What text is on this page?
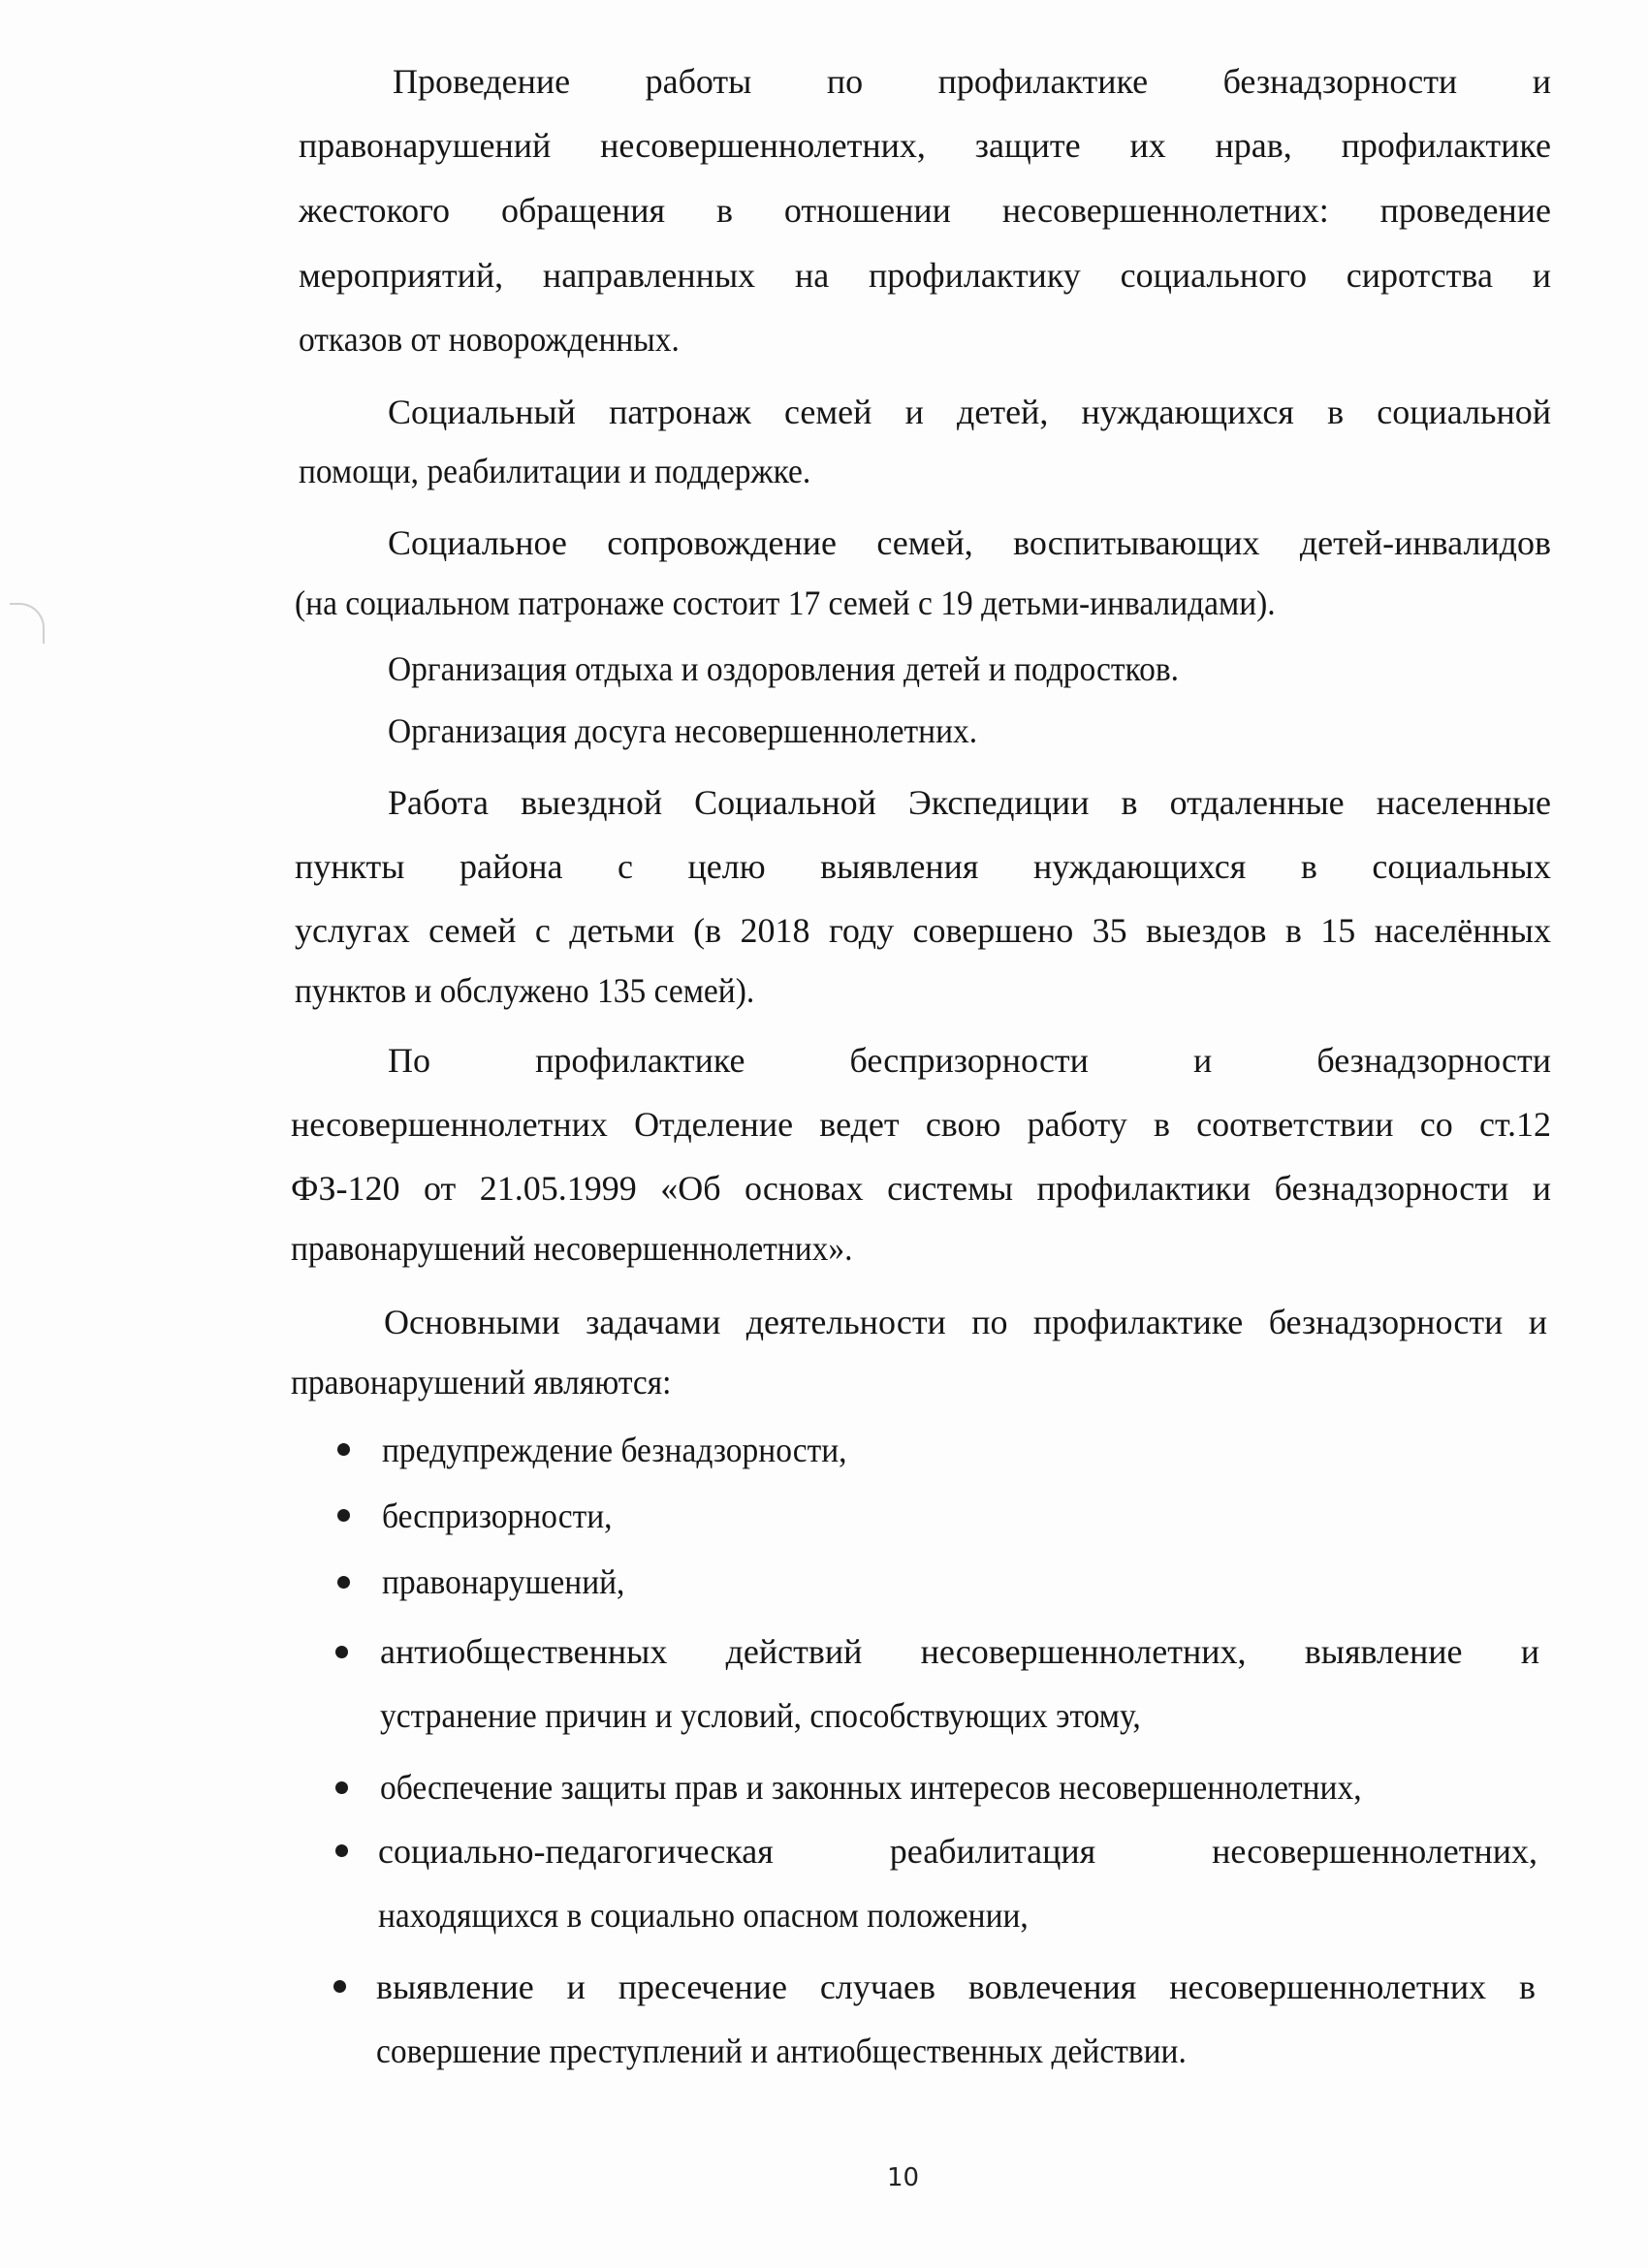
Проведение работы по профилактике безнадзорности и
правонарушений несовершеннолетних, защите их нрав, профилактике
жестокого обращения в отношении несовершеннолетних: проведение
мероприятий, направленных на профилактику социального сиротства и
отказов от новорожденных.
Социальный патронаж семей и детей, нуждающихся в социальной
помощи, реабилитации и поддержке.
Социальное сопровождение семей, воспитывающих детей-инвалидов
(на социальном патронаже состоит 17 семей с 19 детьми-инвалидами).
Организация отдыха и оздоровления детей и подростков.
Организация досуга несовершеннолетних.
Работа выездной Социальной Экспедиции в отдаленные населенные
пункты района с целю выявления нуждающихся в социальных
услугах семей с детьми (в 2018 году совершено 35 выездов в 15 населённых
пунктов и обслужено 135 семей).
По профилактике беспризорности и безнадзорности
несовершеннолетних Отделение ведет свою работу в соответствии со ст.12
ФЗ-120 от 21.05.1999 «Об основах системы профилактики безнадзорности и
правонарушений несовершеннолетних».
Основными задачами деятельности по профилактике безнадзорности и
правонарушений являются:
предупреждение безнадзорности,
беспризорности,
правонарушений,
антиобщественных действий несовершеннолетних, выявление и
устранение причин и условий, способствующих этому,
обеспечение защиты прав и законных интересов несовершеннолетних,
социально-педагогическая реабилитация несовершеннолетних,
находящихся в социально опасном положении,
выявление и пресечение случаев вовлечения несовершеннолетних в
совершение преступлений и антиобщественных действии.
10
